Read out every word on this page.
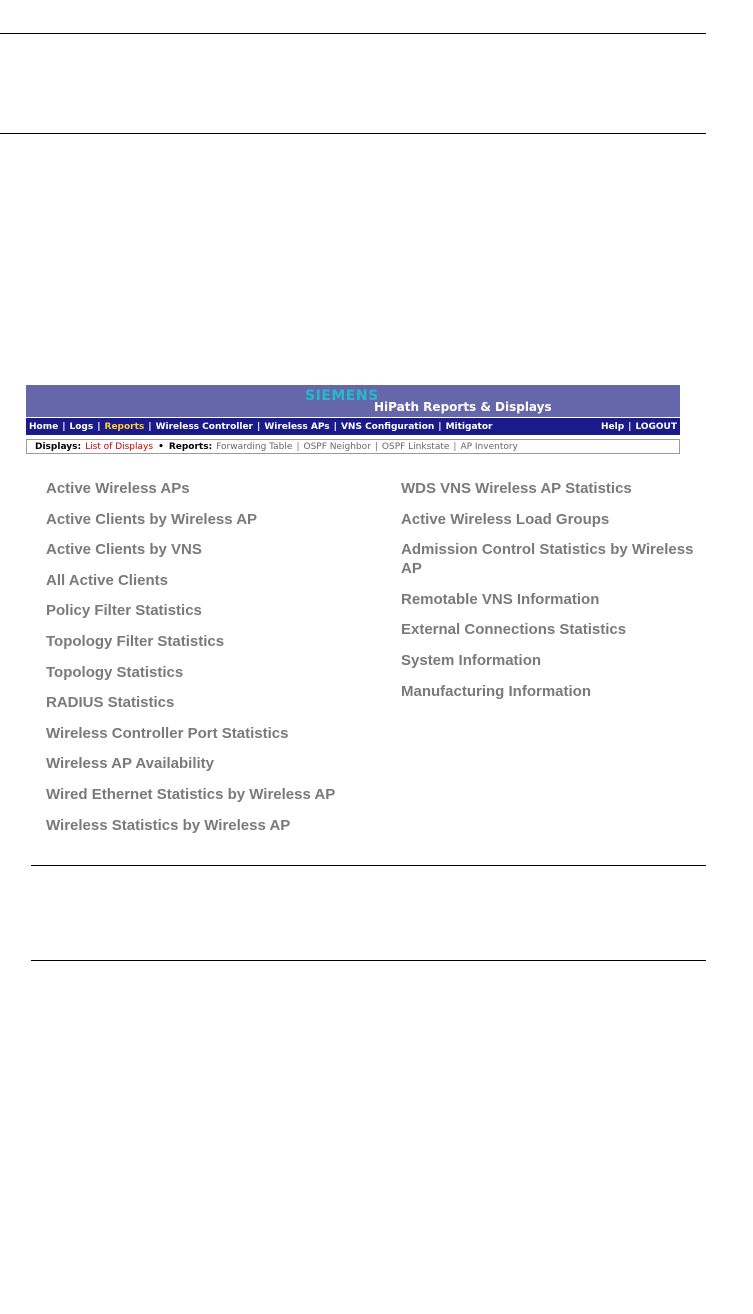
SIEMENS
HiPath Reports & Displays
Home | Logs | Reports | Wireless Controller | Wireless APs | VNS Configuration | Mitigator	Help | LOGOUT
Displays: List of Displays • Reports: Forwarding Table | OSPF Neighbor | OSPF Linkstate | AP Inventory
Active Wireless APs
Active Clients by Wireless AP
Active Clients by VNS
All Active Clients
Policy Filter Statistics
Topology Filter Statistics
Topology Statistics
RADIUS Statistics
Wireless Controller Port Statistics
Wireless AP Availability
Wired Ethernet Statistics by Wireless AP
Wireless Statistics by Wireless AP
WDS VNS Wireless AP Statistics
Active Wireless Load Groups
Admission Control Statistics by Wireless AP
Remotable VNS Information
External Connections Statistics
System Information
Manufacturing Information
